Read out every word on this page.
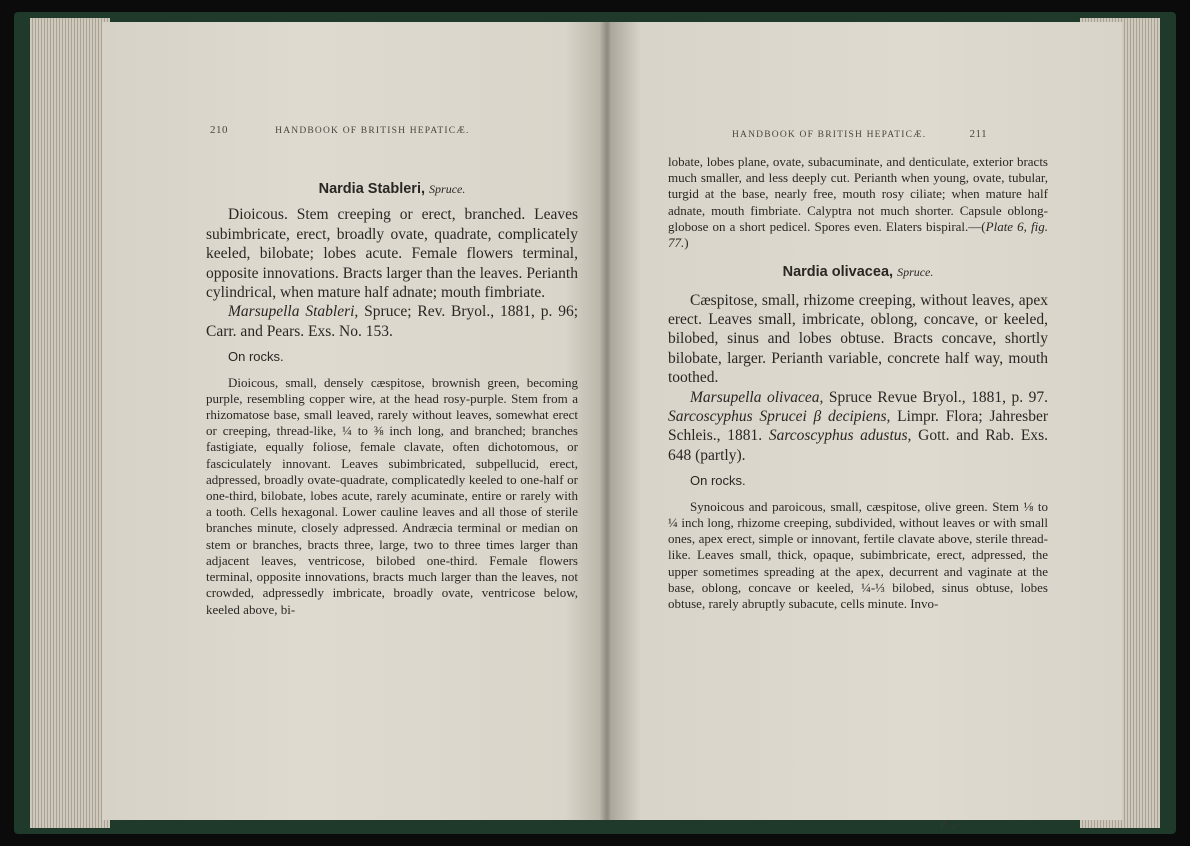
210	HANDBOOK OF BRITISH HEPATICÆ.

Nardia Stableri, Spruce.

Dioicous. Stem creeping or erect, branched. Leaves subimbricate, erect, broadly ovate, quadrate, complicately keeled, bilobate; lobes acute. Female flowers terminal, opposite innovations. Bracts larger than the leaves. Perianth cylindrical, when mature half adnate; mouth fimbriate.

Marsupella Stableri, Spruce; Rev. Bryol., 1881, p. 96; Carr. and Pears. Exs. No. 153.

On rocks.

Dioicous, small, densely cæspitose, brownish green, becoming purple, resembling copper wire, at the head rosy-purple. Stem from a rhizomatose base, small leaved, rarely without leaves, somewhat erect or creeping, thread-like, ¼ to ⅜ inch long, and branched; branches fastigiate, equally foliose, female clavate, often dichotomous, or fasciculately innovant. Leaves subimbricated, subpellucid, erect, adpressed, broadly ovate-quadrate, complicatedly keeled to one-half or one-third, bilobate, lobes acute, rarely acuminate, entire or rarely with a tooth. Cells hexagonal. Lower cauline leaves and all those of sterile branches minute, closely adpressed. Andræcia terminal or median on stem or branches, bracts three, large, two to three times larger than adjacent leaves, ventricose, bilobed one-third. Female flowers terminal, opposite innovations, bracts much larger than the leaves, not crowded, adpressedly imbricate, broadly ovate, ventricose below, keeled above, bi-

HANDBOOK OF BRITISH HEPATICÆ.	211

lobate, lobes plane, ovate, subacuminate, and denticulate, exterior bracts much smaller, and less deeply cut. Perianth when young, ovate, tubular, turgid at the base, nearly free, mouth rosy ciliate; when mature half adnate, mouth fimbriate. Calyptra not much shorter. Capsule oblong-globose on a short pedicel. Spores even. Elaters bispiral.—(Plate 6, fig. 77.)

Nardia olivacea, Spruce.

Cæspitose, small, rhizome creeping, without leaves, apex erect. Leaves small, imbricate, oblong, concave, or keeled, bilobed, sinus and lobes obtuse. Bracts concave, shortly bilobate, larger. Perianth variable, concrete half way, mouth toothed.

Marsupella olivacea, Spruce Revue Bryol., 1881, p. 97. Sarcoscyphus Sprucei β decipiens, Limpr. Flora; Jahresber Schleis., 1881. Sarcoscyphus adustus, Gott. and Rab. Exs. 648 (partly).

On rocks.

Synoicous and paroicous, small, cæspitose, olive green. Stem ⅛ to ¼ inch long, rhizome creeping, subdivided, without leaves or with small ones, apex erect, simple or innovant, fertile clavate above, sterile thread-like. Leaves small, thick, opaque, subimbricate, erect, adpressed, the upper sometimes spreading at the apex, decurrent and vaginate at the base, oblong, concave or keeled, ¼-⅓ bilobed, sinus obtuse, lobes obtuse, rarely abruptly subacute, cells minute. Invo-

P 2
